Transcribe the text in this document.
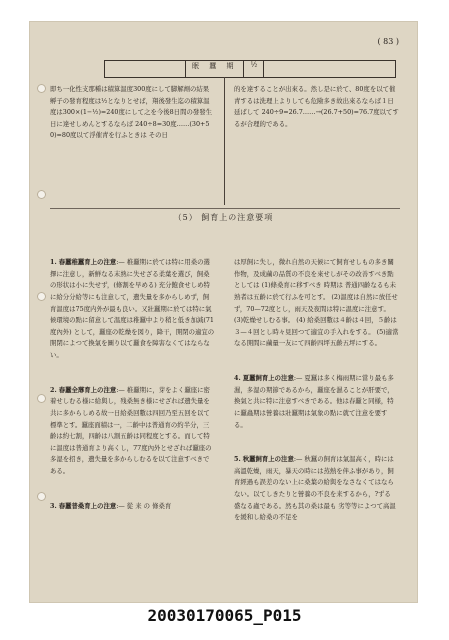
( 83 )
眠 蠶 期	½
即ち一化性支那種は積算温度300度にして脚解劑の結果孵子の發育程度は½となりとせば，翔後發生迄の積算温度は300×(1−½)=240度にして之を今後8日間の發發生日に達せしめんとするならば 240÷8=30度……(30+50)=80度以て浮催青を行ふときは その日
的を達することが出來る。然し是に於て、80度を以て催青するは洗理上よりしても危險多き故出來るならば１日延ばして 240÷9=26.7……→(26.7+50)=76.7度以てするが合理的である。
（5） 飼育上の注意要項

1. 春蠶稚蠶育上の注意:— 稚蠶期に於ては特に用桑の選擇に注意し，新鮮なる末熟に失せざる柔葉を選び，飼桑の形状は小に失せず，(條割を早める) 充分飽食せしめ特に給分分給等にも注意して，遺失量を多からしめず，飼育温度は75度内外が最も良い。又壯蠶期に於ては特に氣候環境の點に留意して温度は稚蠶中より稍と低き加減(71度內外) として，蠶座の乾燥を図り，降干，開閉の適宜の開閉によつて換氣を圖り以て蠶食を障害なくてはならない。

2. 春蠶全蓐育上の注意:— 稚蠶期に，芽をよく蠶座に密着せしむる様に給與し，残桑無き様にせざれば遺失量を共に多からしめる故一日給桑回數は四回乃至五回を以て標準とす。蠶座面積は一，二齡中は普通育の約半分，三齡は約七割，四齡は八割五齡は同程度とする。而して特に温度は普通育より高くし，77度內外とせざれば蠶座の多湿を招き，遺失量を多からしむるを以て注意すべきである。

3. 春蠶普桑育上の注意:— 從 来 の 條桑育

は厚飼に失し，微れ自然の天候にて飼育せしもの多き關作物，及成繭の品質の不良を來せしがその改善すべき點としては (1)條桑育に移すべき 時期は 普通四齡なるも未熟者は五齡に於て行ふを可とす。 (2)温度は自然に放任せず，70—72度とし，雨天及夜間は特に温度に注意す。 (3)乾燥せしむる事。 (4) 給桑回數は４齡は４回，５齡は３—４回とし時々見回つて適宜の手入れをする。 (5)適當なる開間に繭量一友にて四齡四坪五齡五坪にする。

4. 夏蠶飼育上の注意:— 夏蠶は多く梅雨期に當り最も多濕，多湿の期節であるから，蠶座を濕ることが肝要で，換氣と共に特に注意すべきである。他は春蠶と同様，特に蠶蟲期は營養は壯蠶期は氣象の點に就て注意を要する。

5. 秋蠶飼育上の注意:— 秋蠶の飼育は氣温高く，時には高溫乾燥，雨天，暴天の時には蒸熱を伴ふ事があり，飼育經過も誤差のない上に桑葉の給與をなさなくてはならない。以てしきたりと營養の不良を来するから，?ずる 盛なる蟲である。然も其の桑は最も 劣等等によつて高温を緩和し給桑の不足を

20030170065_P015
